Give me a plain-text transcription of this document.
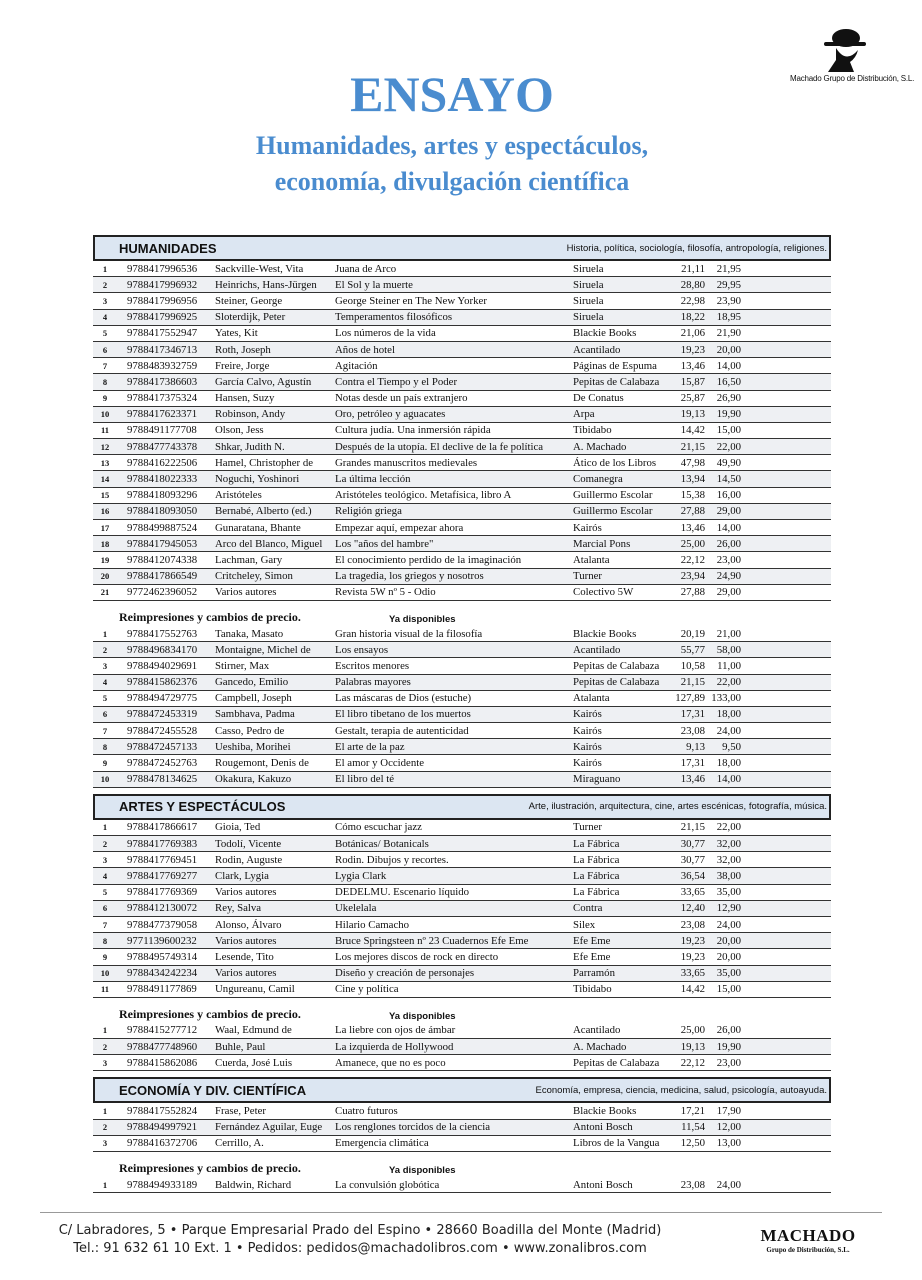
Machado Grupo de Distribución, S.L.
ENSAYO
Humanidades, artes y espectáculos,
economía, divulgación científica
HUMANIDADES	Historia, política, sociología, filosofía, antropología, religiones.
1	9788417996536	Sackville-West, Vita	Juana de Arco	Siruela	21,11	21,95
2	9788417996932	Heinrichs, Hans-Jürgen	El Sol y la muerte	Siruela	28,80	29,95
3	9788417996956	Steiner, George	George Steiner en The New Yorker	Siruela	22,98	23,90
4	9788417996925	Sloterdijk, Peter	Temperamentos filosóficos	Siruela	18,22	18,95
5	9788417552947	Yates, Kit	Los números de la vida	Blackie Books	21,06	21,90
6	9788417346713	Roth, Joseph	Años de hotel	Acantilado	19,23	20,00
7	9788483932759	Freire, Jorge	Agitación	Páginas de Espuma	13,46	14,00
8	9788417386603	García Calvo, Agustín	Contra el Tiempo y el Poder	Pepitas de Calabaza	15,87	16,50
9	9788417375324	Hansen, Suzy	Notas desde un país extranjero	De Conatus	25,87	26,90
10	9788417623371	Robinson, Andy	Oro, petróleo y aguacates	Arpa	19,13	19,90
11	9788491177708	Olson, Jess	Cultura judía. Una inmersión rápida	Tibidabo	14,42	15,00
12	9788477743378	Shkar, Judith N.	Después de la utopía. El declive de la fe política	A. Machado	21,15	22,00
13	9788416222506	Hamel, Christopher de	Grandes manuscritos medievales	Ático de los Libros	47,98	49,90
14	9788418022333	Noguchi, Yoshinori	La última lección	Comanegra	13,94	14,50
15	9788418093296	Aristóteles	Aristóteles teológico. Metafísica, libro A	Guillermo Escolar	15,38	16,00
16	9788418093050	Bernabé, Alberto (ed.)	Religión griega	Guillermo Escolar	27,88	29,00
17	9788499887524	Gunaratana, Bhante	Empezar aquí, empezar ahora	Kairós	13,46	14,00
18	9788417945053	Arco del Blanco, Miguel	Los "años del hambre"	Marcial Pons	25,00	26,00
19	9788412074338	Lachman, Gary	El conocimiento perdido de la imaginación	Atalanta	22,12	23,00
20	9788417866549	Critcheley, Simon	La tragedia, los griegos y nosotros	Turner	23,94	24,90
21	9772462396052	Varios autores	Revista 5W nº 5 - Odio	Colectivo 5W	27,88	29,00
Reimpresiones y cambios de precio.	Ya disponibles
1	9788417552763	Tanaka, Masato	Gran historia visual de la filosofía	Blackie Books	20,19	21,00
2	9788496834170	Montaigne, Michel de	Los ensayos	Acantilado	55,77	58,00
3	9788494029691	Stirner, Max	Escritos menores	Pepitas de Calabaza	10,58	11,00
4	9788415862376	Gancedo, Emilio	Palabras mayores	Pepitas de Calabaza	21,15	22,00
5	9788494729775	Campbell, Joseph	Las máscaras de Dios (estuche)	Atalanta	127,89 133,00
6	9788472453319	Sambhava, Padma	El libro tibetano de los muertos	Kairós	17,31	18,00
7	9788472455528	Casso, Pedro de	Gestalt, terapia de autenticidad	Kairós	23,08	24,00
8	9788472457133	Ueshiba, Morihei	El arte de la paz	Kairós	9,13	9,50
9	9788472452763	Rougemont, Denis de	El amor y Occidente	Kairós	17,31	18,00
10	9788478134625	Okakura, Kakuzo	El libro del té	Miraguano	13,46	14,00
ARTES Y ESPECTÁCULOS	Arte, ilustración, arquitectura, cine, artes escénicas, fotografía, música.
1	9788417866617	Gioia, Ted	Cómo escuchar jazz	Turner	21,15	22,00
2	9788417769383	Todolí, Vicente	Botánicas/ Botanicals	La Fábrica	30,77	32,00
3	9788417769451	Rodin, Auguste	Rodin. Dibujos y recortes.	La Fábrica	30,77	32,00
4	9788417769277	Clark, Lygia	Lygia Clark	La Fábrica	36,54	38,00
5	9788417769369	Varios autores	DEDELMU. Escenario líquido	La Fábrica	33,65	35,00
6	9788412130072	Rey, Salva	Ukelelala	Contra	12,40	12,90
7	9788477379058	Alonso, Álvaro	Hilario Camacho	Silex	23,08	24,00
8	9771139600232	Varios autores	Bruce Springsteen nº 23 Cuadernos Efe Eme	Efe Eme	19,23	20,00
9	9788495749314	Lesende, Tito	Los mejores discos de rock en directo	Efe Eme	19,23	20,00
10	9788434242234	Varios autores	Diseño y creación de personajes	Parramón	33,65	35,00
11	9788491177869	Ungureanu, Camil	Cine y política	Tibidabo	14,42	15,00
Reimpresiones y cambios de precio.	Ya disponibles
1	9788415277712	Waal, Edmund de	La liebre con ojos de ámbar	Acantilado	25,00	26,00
2	9788477748960	Buhle, Paul	La izquierda de Hollywood	A. Machado	19,13	19,90
3	9788415862086	Cuerda, José Luis	Amanece, que no es poco	Pepitas de Calabaza	22,12	23,00
ECONOMÍA Y DIV. CIENTÍFICA	Economía, empresa, ciencia, medicina, salud, psicología, autoayuda.
1	9788417552824	Frase, Peter	Cuatro futuros	Blackie Books	17,21	17,90
2	9788494997921	Fernández Aguilar, Euge	Los renglones torcidos de la ciencia	Antoni Bosch	11,54	12,00
3	9788416372706	Cerrillo, A.	Emergencia climática	Libros de la Vangua	12,50	13,00
Reimpresiones y cambios de precio.	Ya disponibles
1	9788494933189	Baldwin, Richard	La convulsión globótica	Antoni Bosch	23,08	24,00
C/ Labradores, 5 • Parque Empresarial Prado del Espino • 28660 Boadilla del Monte (Madrid)
Tel.: 91 632 61 10 Ext. 1 • Pedidos: pedidos@machadolibros.com • www.zonalibros.com
MACHADO
Grupo de Distribución, S.L.
